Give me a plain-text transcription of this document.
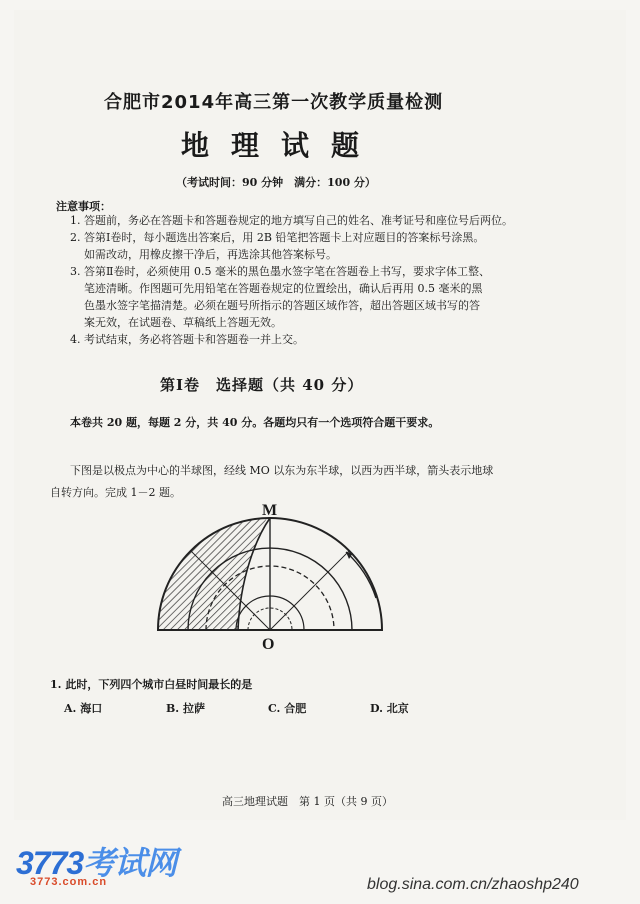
合肥市2014年高三第一次教学质量检测
地理试题
（考试时间：90 分钟　满分：100 分）
注意事项：
1. 答题前，务必在答题卡和答题卷规定的地方填写自己的姓名、准考证号和座位号后两位。
2. 答第Ⅰ卷时，每小题选出答案后，用 2B 铅笔把答题卡上对应题目的答案标号涂黑。
如需改动，用橡皮擦干净后，再选涂其他答案标号。
3. 答第Ⅱ卷时，必须使用 0.5 毫米的黑色墨水签字笔在答题卷上书写，要求字体工整、
笔迹清晰。作图题可先用铅笔在答题卷规定的位置绘出，确认后再用 0.5 毫米的黑
色墨水签字笔描清楚。必须在题号所指示的答题区域作答，超出答题区域书写的答
案无效，在试题卷、草稿纸上答题无效。
4. 考试结束，务必将答题卡和答题卷一并上交。
第Ⅰ卷　选择题（共 40 分）
本卷共 20 题，每题 2 分，共 40 分。各题均只有一个选项符合题干要求。
下图是以极点为中心的半球图，经线 MO 以东为东半球，以西为西半球，箭头表示地球
自转方向。完成 1－2 题。
M
O
1. 此时，下列四个城市白昼时间最长的是
A. 海口	B. 拉萨	C. 合肥	D. 北京
高三地理试题　第 1 页（共 9 页）
3773考试网
3773.com.cn	blog.sina.com.cn/zhaoshp240
